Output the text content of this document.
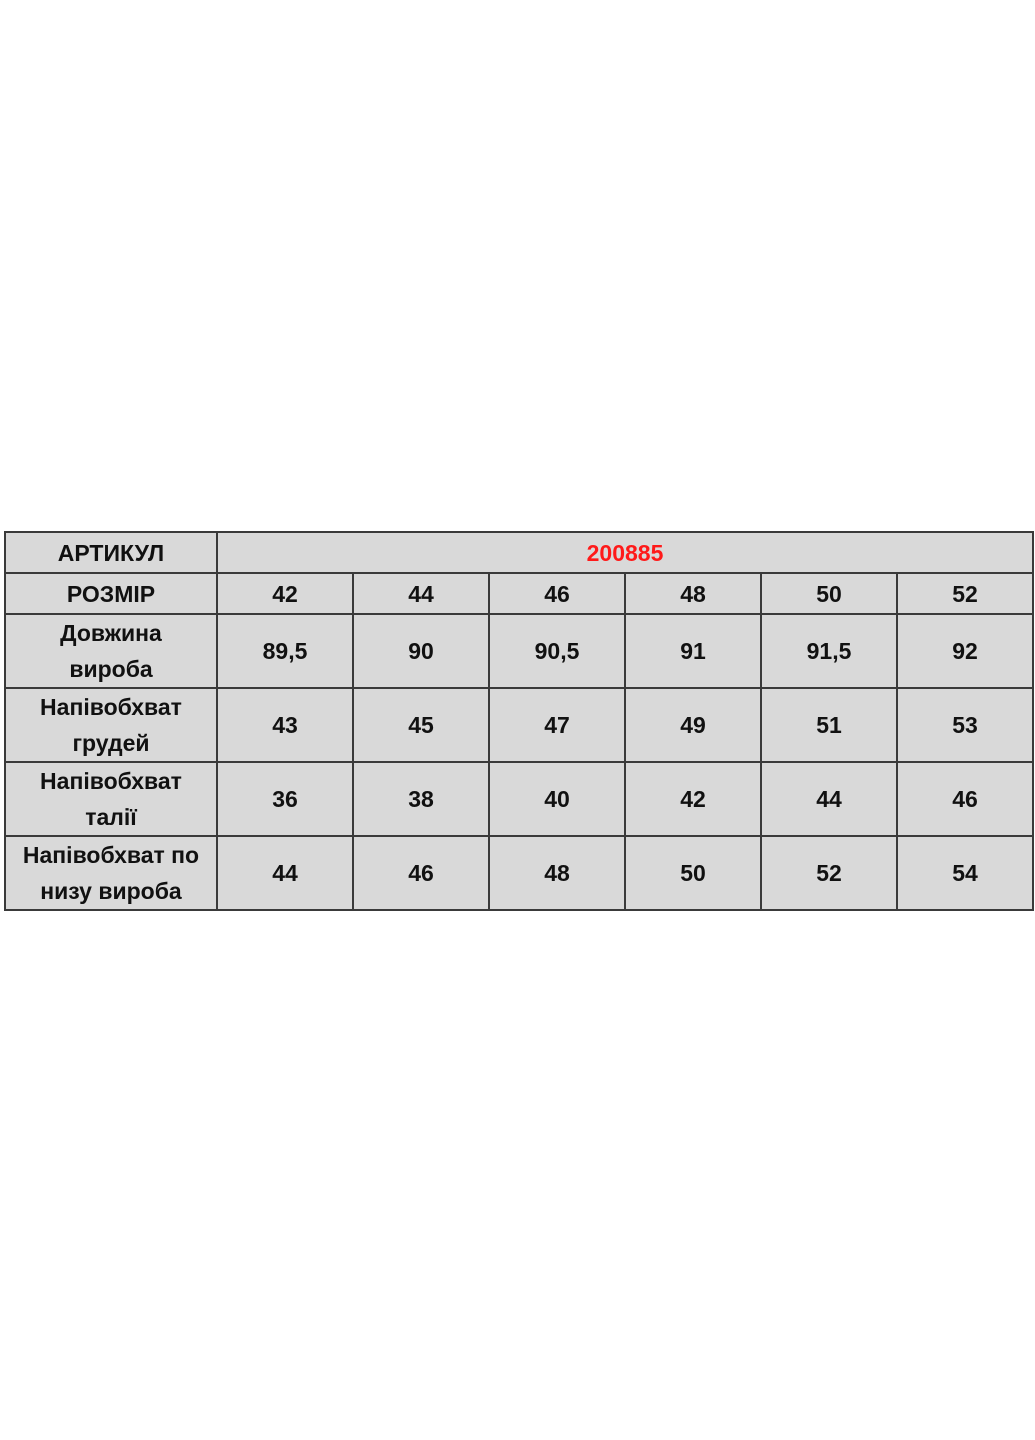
АРТИКУЛ	200885					
РОЗМІР	42	44	46	48	50	52
Довжина
виробa	89,5	90	90,5	91	91,5	92
Напівобхват
грудей	43	45	47	49	51	53
Напівобхват
талії	36	38	40	42	44	46
Напівобхват по
низу виробa	44	46	48	50	52	54
